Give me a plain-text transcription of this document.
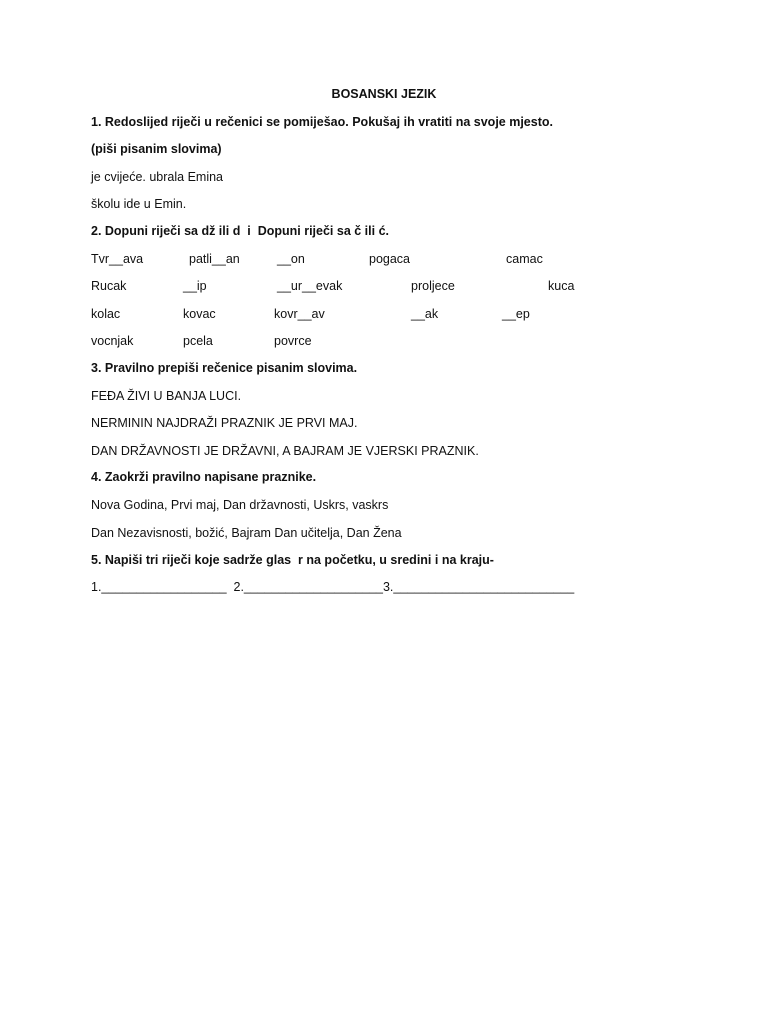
BOSANSKI JEZIK
1. Redoslijed riječi u rečenici se pomiješao. Pokušaj ih vratiti na svoje mjesto.
(piši pisanim slovima)
je cvijeće. ubrala Emina
školu ide u Emin.
2. Dopuni riječi sa dž ili d  i  Dopuni riječi sa č ili ć.
Tvr__ava	patli__an	__on	pogaca	camac
Rucak	__ip	__ur__evak	proljece	kuca
kolac	kovac	kovr__av	__ak	__ep
vocnjak	pcela	povrce
3. Pravilno prepiši rečenice pisanim slovima.
FEĐA ŽIVI U BANJA LUCI.
NERMININ NAJDRAŽI PRAZNIK JE PRVI MAJ.
DAN DRŽAVNOSTI JE DRŽAVNI, A BAJRAM JE VJERSKI PRAZNIK.
4. Zaokrži pravilno napisane praznike.
Nova Godina, Prvi maj, Dan državnosti, Uskrs, vaskrs
Dan Nezavisnosti, božić, Bajram Dan učitelja, Dan Žena
5. Napiši tri riječi koje sadrže glas  r na početku, u sredini i na kraju-
1.__________________  2.____________________3.__________________________
